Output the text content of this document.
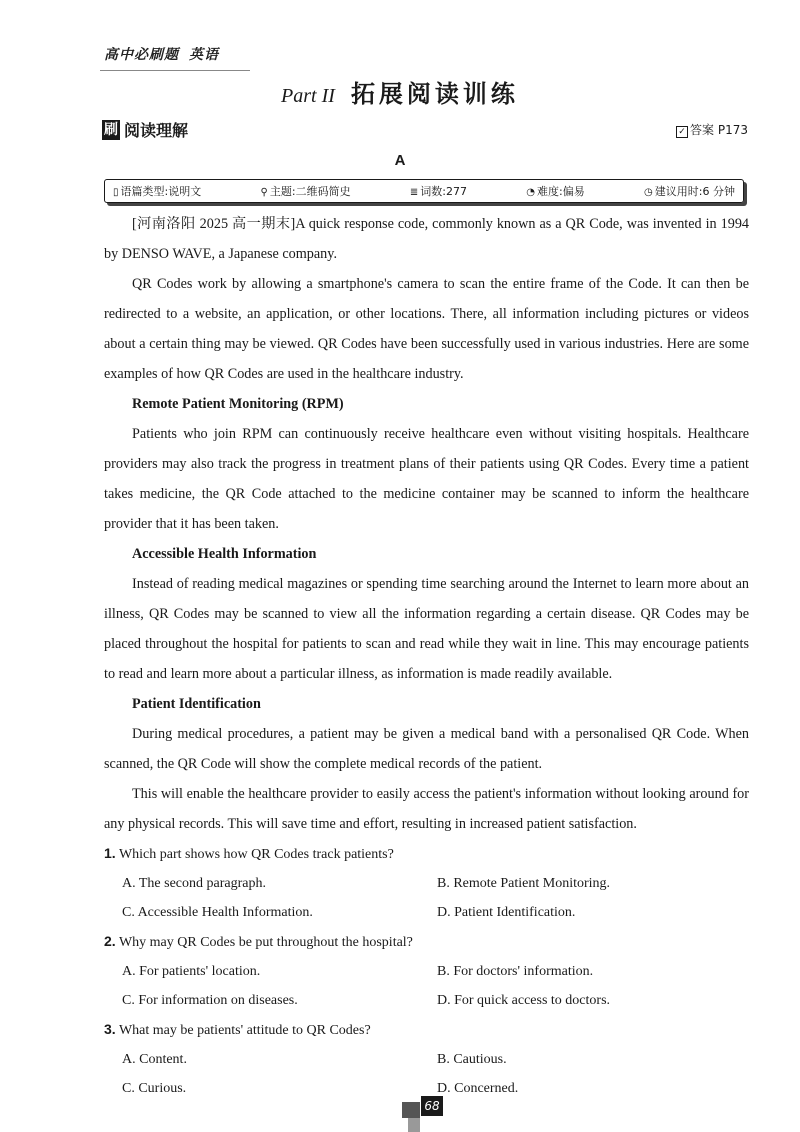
高中必刷题 英语
Part II 拓展阅读训练
刷 阅读理解	✓ 答案 P173
A
▯ 语篇类型:说明文	⚲ 主题:二维码简史	≣ 词数:277	◔ 难度:偏易	◷ 建议用时:6 分钟

[河南洛阳 2025 高一期末]A quick response code, commonly known as a QR Code, was invented in 1994 by DENSO WAVE, a Japanese company.

QR Codes work by allowing a smartphone's camera to scan the entire frame of the Code. It can then be redirected to a website, an application, or other locations. There, all information including pictures or videos about a certain thing may be viewed. QR Codes have been successfully used in various industries. Here are some examples of how QR Codes are used in the healthcare industry.

Remote Patient Monitoring (RPM)

Patients who join RPM can continuously receive healthcare even without visiting hospitals. Healthcare providers may also track the progress in treatment plans of their patients using QR Codes. Every time a patient takes medicine, the QR Code attached to the medicine container may be scanned to inform the healthcare provider that it has been taken.

Accessible Health Information

Instead of reading medical magazines or spending time searching around the Internet to learn more about an illness, QR Codes may be scanned to view all the information regarding a certain disease. QR Codes may be placed throughout the hospital for patients to scan and read while they wait in line. This may encourage patients to read and learn more about a particular illness, as information is made readily available.

Patient Identification

During medical procedures, a patient may be given a medical band with a personalised QR Code. When scanned, the QR Code will show the complete medical records of the patient.

This will enable the healthcare provider to easily access the patient's information without looking around for any physical records. This will save time and effort, resulting in increased patient satisfaction.

1. Which part shows how QR Codes track patients?

A. The second paragraph.	B. Remote Patient Monitoring.
C. Accessible Health Information.	D. Patient Identification.

2. Why may QR Codes be put throughout the hospital?

A. For patients' location.	B. For doctors' information.
C. For information on diseases.	D. For quick access to doctors.

3. What may be patients' attitude to QR Codes?

A. Content.	B. Cautious.
C. Curious.	D. Concerned.
68
